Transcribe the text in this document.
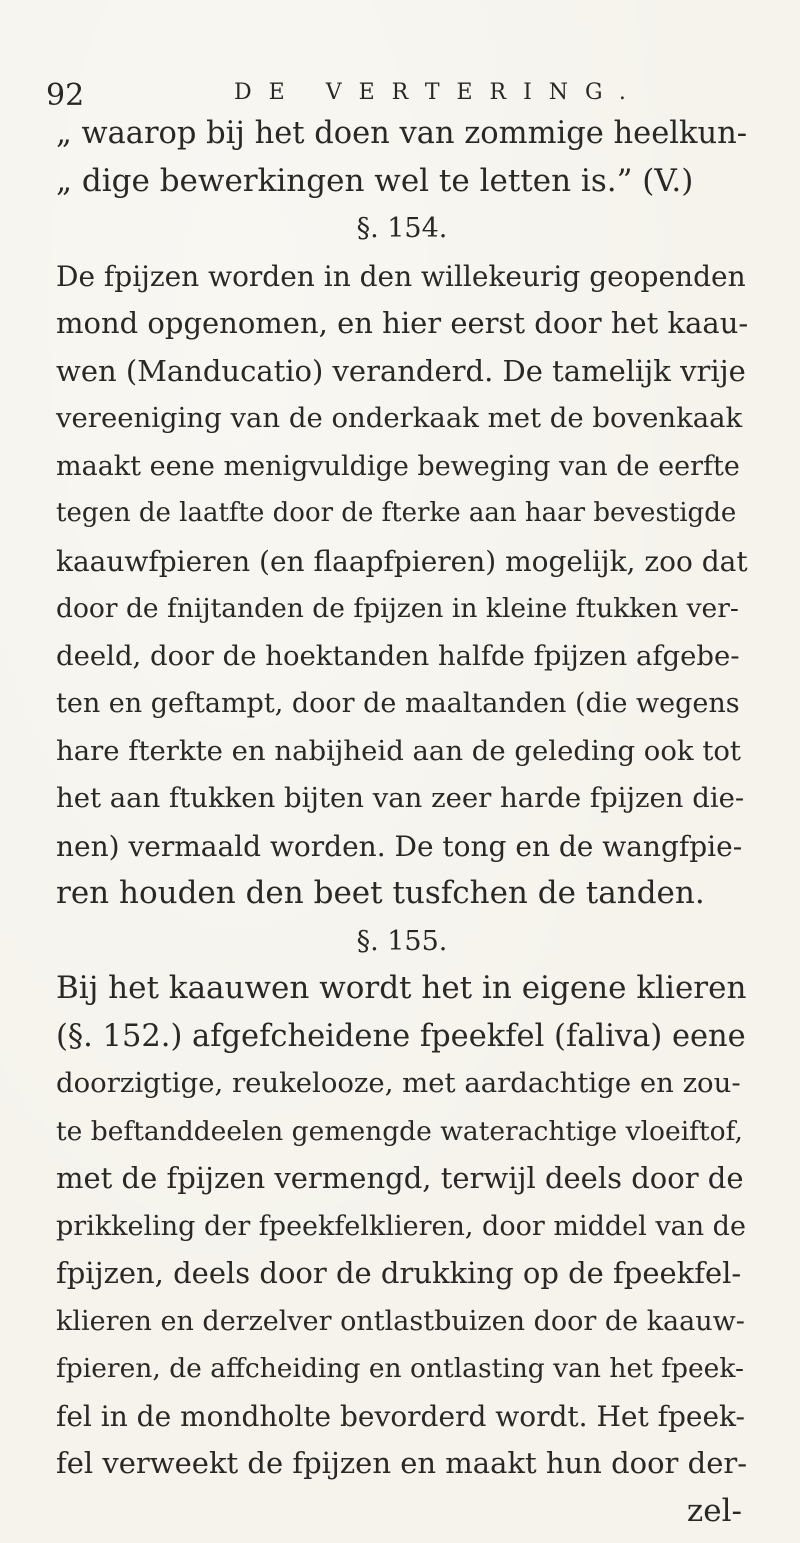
92	DE VERTERING.
„ waarop bij het doen van zommige heelkun-
„ dige bewerkingen wel te letten is.” (V.)
§. 154.
De fpijzen worden in den willekeurig geopenden
mond opgenomen, en hier eerst door het kaau-
wen (Manducatio) veranderd. De tamelijk vrije
vereeniging van de onderkaak met de bovenkaak
maakt eene menigvuldige beweging van de eerfte
tegen de laatfte door de fterke aan haar bevestigde
kaauwfpieren (en flaapfpieren) mogelijk, zoo dat
door de fnijtanden de fpijzen in kleine ftukken ver-
deeld, door de hoektanden halfde fpijzen afgebe-
ten en geftampt, door de maaltanden (die wegens
hare fterkte en nabijheid aan de geleding ook tot
het aan ftukken bijten van zeer harde fpijzen die-
nen) vermaald worden. De tong en de wangfpie-
ren houden den beet tusfchen de tanden.
§. 155.
Bij het kaauwen wordt het in eigene klieren
(§. 152.) afgefcheidene fpeekfel (faliva) eene
doorzigtige, reukelooze, met aardachtige en zou-
te beftanddeelen gemengde waterachtige vloeiftof,
met de fpijzen vermengd, terwijl deels door de
prikkeling der fpeekfelklieren, door middel van de
fpijzen, deels door de drukking op de fpeekfel-
klieren en derzelver ontlastbuizen door de kaauw-
fpieren, de affcheiding en ontlasting van het fpeek-
fel in de mondholte bevorderd wordt. Het fpeek-
fel verweekt de fpijzen en maakt hun door der-
zel-
